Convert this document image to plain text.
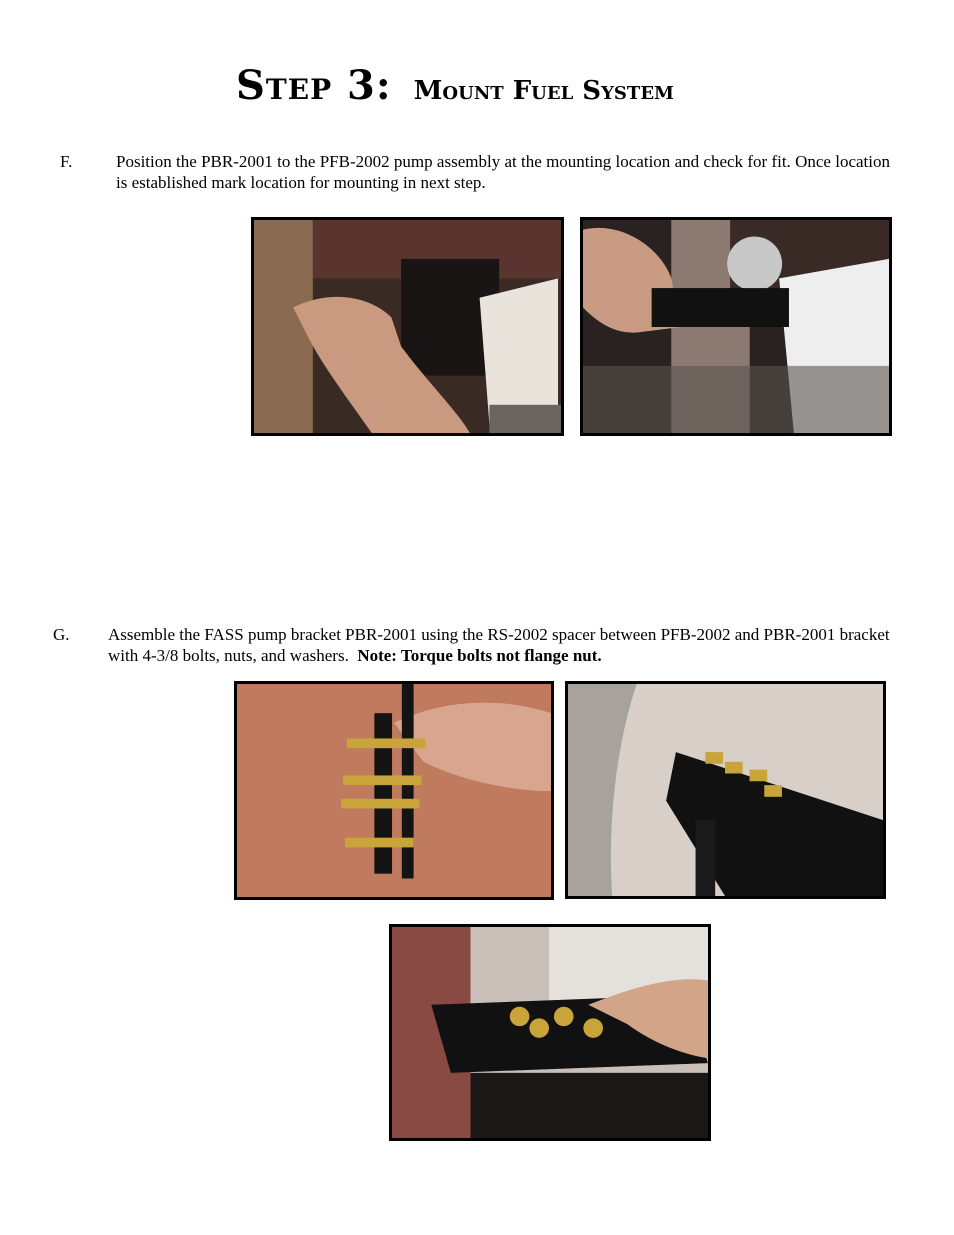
Step 3: Mount Fuel System
F.	Position the PBR-2001 to the PFB-2002 pump assembly at the mounting location and check for fit. Once location is established mark location for mounting in next step.
G. Assemble the FASS pump bracket PBR-2001 using the RS-2002 spacer between PFB-2002 and PBR-2001 bracket with 4-3/8 bolts, nuts, and washers. Note: Torque bolts not flange nut.
